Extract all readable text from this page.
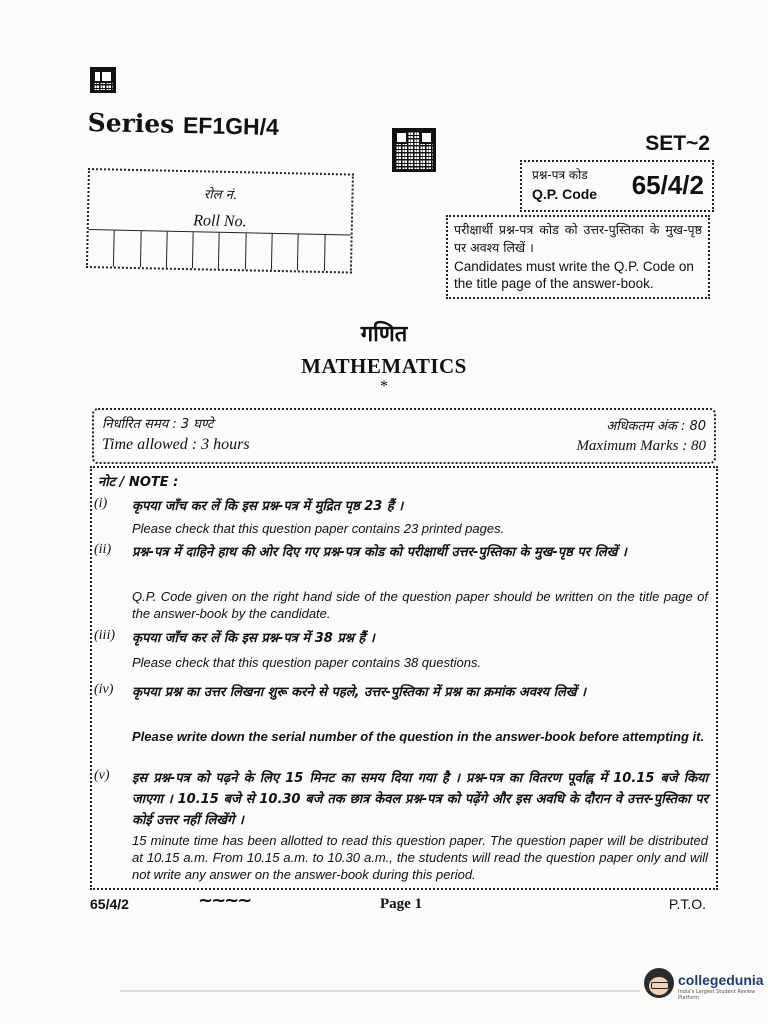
Series EF1GH/4
SET~2
रोल नं.
Roll No.
प्रश्न-पत्र कोड
Q.P. Code 65/4/2
परीक्षार्थी प्रश्न-पत्र कोड को उत्तर-पुस्तिका के मुख-पृष्ठ पर अवश्य लिखें ।
Candidates must write the Q.P. Code on the title page of the answer-book.
गणित
MATHEMATICS
*
निर्धारित समय : 3 घण्टे
Time allowed : 3 hours
अधिकतम अंक : 80
Maximum Marks : 80
नोट / NOTE :
(i) कृपया जाँच कर लें कि इस प्रश्न-पत्र में मुद्रित पृष्ठ 23 हैं ।
Please check that this question paper contains 23 printed pages.
(ii) प्रश्न-पत्र में दाहिने हाथ की ओर दिए गए प्रश्न-पत्र कोड को परीक्षार्थी उत्तर-पुस्तिका के मुख-पृष्ठ पर लिखें ।
Q.P. Code given on the right hand side of the question paper should be written on the title page of the answer-book by the candidate.
(iii) कृपया जाँच कर लें कि इस प्रश्न-पत्र में 38 प्रश्न हैं ।
Please check that this question paper contains 38 questions.
(iv) कृपया प्रश्न का उत्तर लिखना शुरू करने से पहले, उत्तर-पुस्तिका में प्रश्न का क्रमांक अवश्य लिखें ।
Please write down the serial number of the question in the answer-book before attempting it.
(v) इस प्रश्न-पत्र को पढ़ने के लिए 15 मिनट का समय दिया गया है । प्रश्न-पत्र का वितरण पूर्वाह्न में 10.15 बजे किया जाएगा । 10.15 बजे से 10.30 बजे तक छात्र केवल प्रश्न-पत्र को पढ़ेंगे और इस अवधि के दौरान वे उत्तर-पुस्तिका पर कोई उत्तर नहीं लिखेंगे ।
15 minute time has been allotted to read this question paper. The question paper will be distributed at 10.15 a.m. From 10.15 a.m. to 10.30 a.m., the students will read the question paper only and will not write any answer on the answer-book during this period.
65/4/2	~~~~	Page 1	P.T.O.
collegedunia
India's Largest Student Review Platform
